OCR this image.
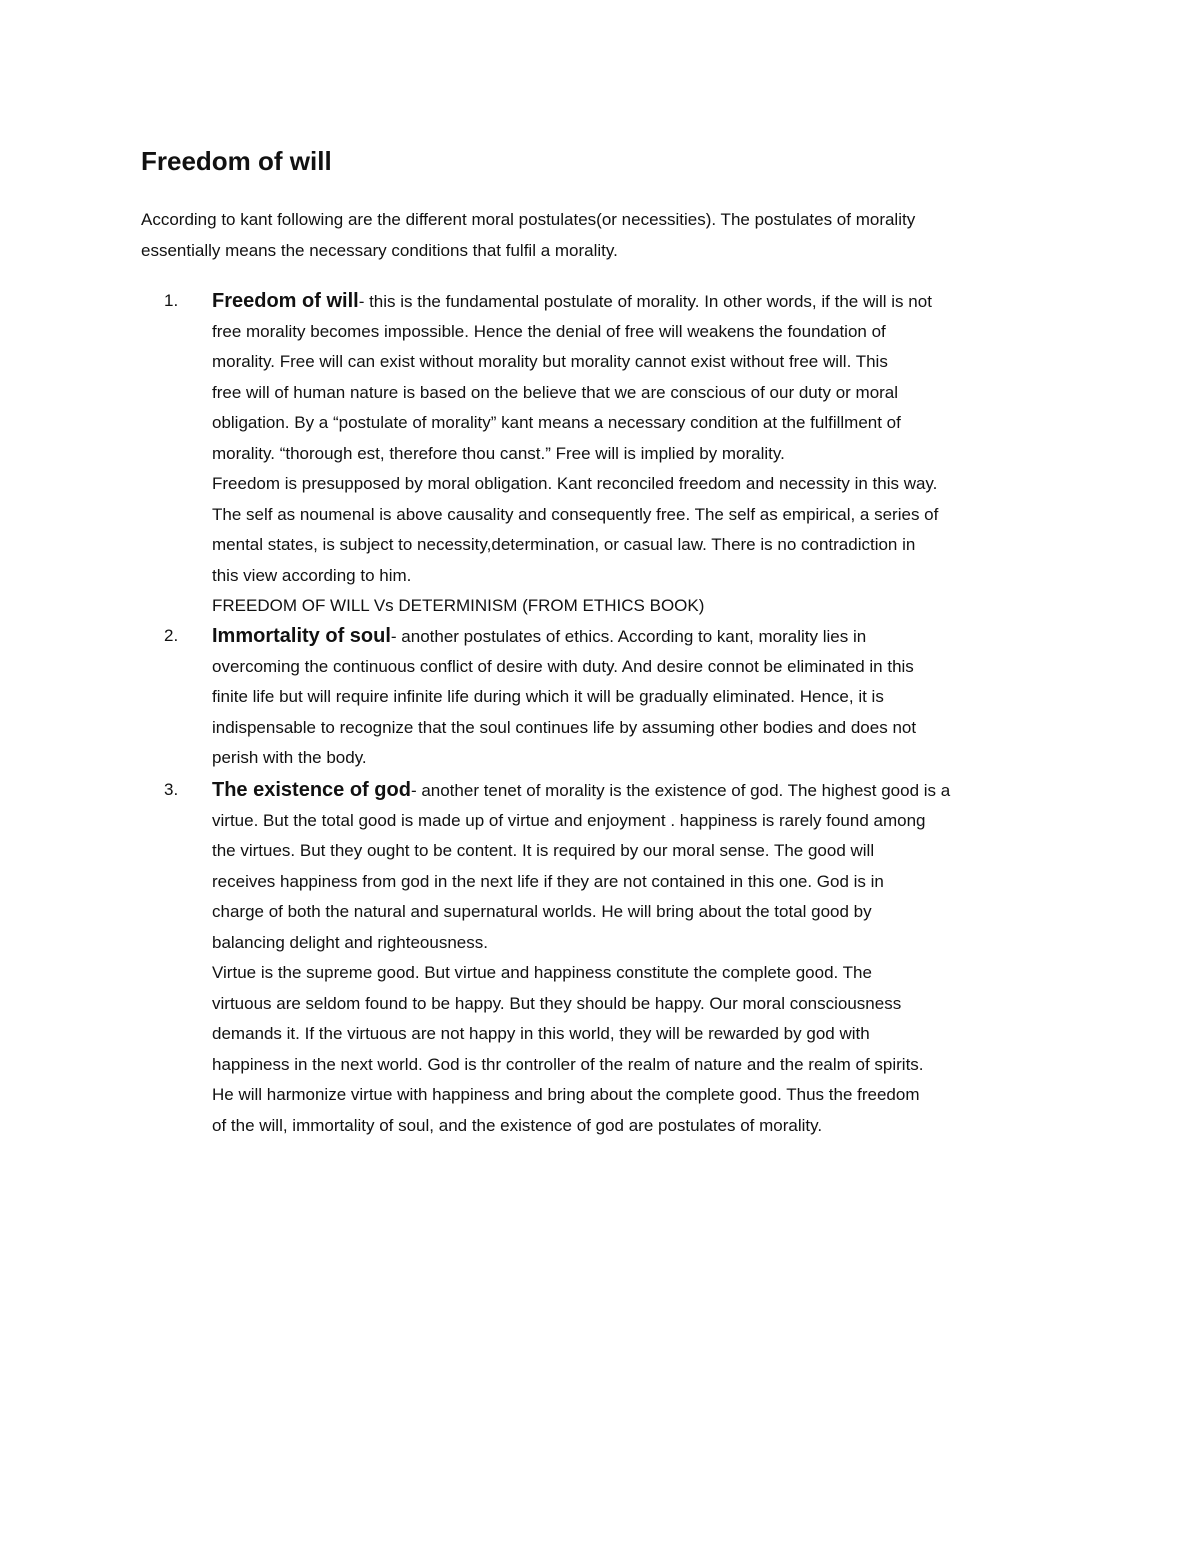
Freedom of will

According to kant following are the different moral postulates(or necessities). The postulates of morality
essentially means the necessary conditions that fulfil a morality.

1. Freedom of will- this is the fundamental postulate of morality. In other words, if the will is not
free morality becomes impossible. Hence the denial of free will weakens the foundation of
morality. Free will can exist without morality but morality cannot exist without free will. This
free will of human nature is based on the believe that we are conscious of our duty or moral
obligation. By a “postulate of morality” kant means a necessary condition at the fulfillment of
morality. “thorough est, therefore thou canst.” Free will is implied by morality.
Freedom is presupposed by moral obligation. Kant reconciled freedom and necessity in this way.
The self as noumenal is above causality and consequently free. The self as empirical, a series of
mental states, is subject to necessity,determination, or casual law. There is no contradiction in
this view according to him.
FREEDOM OF WILL Vs DETERMINISM (FROM ETHICS BOOK)
2. Immortality of soul- another postulates of ethics. According to kant, morality lies in
overcoming the continuous conflict of desire with duty. And desire connot be eliminated in this
finite life but will require infinite life during which it will be gradually eliminated. Hence, it is
indispensable to recognize that the soul continues life by assuming other bodies and does not
perish with the body.
3. The existence of god- another tenet of morality is the existence of god. The highest good is a
virtue. But the total good is made up of virtue and enjoyment . happiness is rarely found among
the virtues. But they ought to be content. It is required by our moral sense. The good will
receives happiness from god in the next life if they are not contained in this one. God is in
charge of both the natural and supernatural worlds. He will bring about the total good by
balancing delight and righteousness.
Virtue is the supreme good. But virtue and happiness constitute the complete good. The
virtuous are seldom found to be happy. But they should be happy. Our moral consciousness
demands it. If the virtuous are not happy in this world, they will be rewarded by god with
happiness in the next world. God is thr controller of the realm of nature and the realm of spirits.
He will harmonize virtue with happiness and bring about the complete good. Thus the freedom
of the will, immortality of soul, and the existence of god are postulates of morality.
